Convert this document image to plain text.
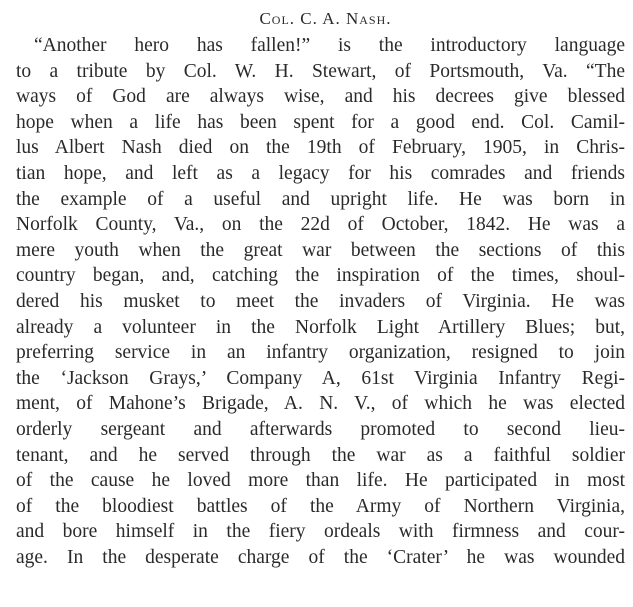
Col. C. A. Nash.
“Another hero has fallen!” is the introductory language
to a tribute by Col. W. H. Stewart, of Portsmouth, Va. “The
ways of God are always wise, and his decrees give blessed
hope when a life has been spent for a good end. Col. Camil-
lus Albert Nash died on the 19th of February, 1905, in Chris-
tian hope, and left as a legacy for his comrades and friends
the example of a useful and upright life. He was born in
Norfolk County, Va., on the 22d of October, 1842. He was a
mere youth when the great war between the sections of this
country began, and, catching the inspiration of the times, shoul-
dered his musket to meet the invaders of Virginia. He was
already a volunteer in the Norfolk Light Artillery Blues; but,
preferring service in an infantry organization, resigned to join
the ‘Jackson Grays,’ Company A, 61st Virginia Infantry Regi-
ment, of Mahone’s Brigade, A. N. V., of which he was elected
orderly sergeant and afterwards promoted to second lieu-
tenant, and he served through the war as a faithful soldier
of the cause he loved more than life. He participated in most
of the bloodiest battles of the Army of Northern Virginia,
and bore himself in the fiery ordeals with firmness and cour-
age. In the desperate charge of the ‘Crater’ he was wounded
